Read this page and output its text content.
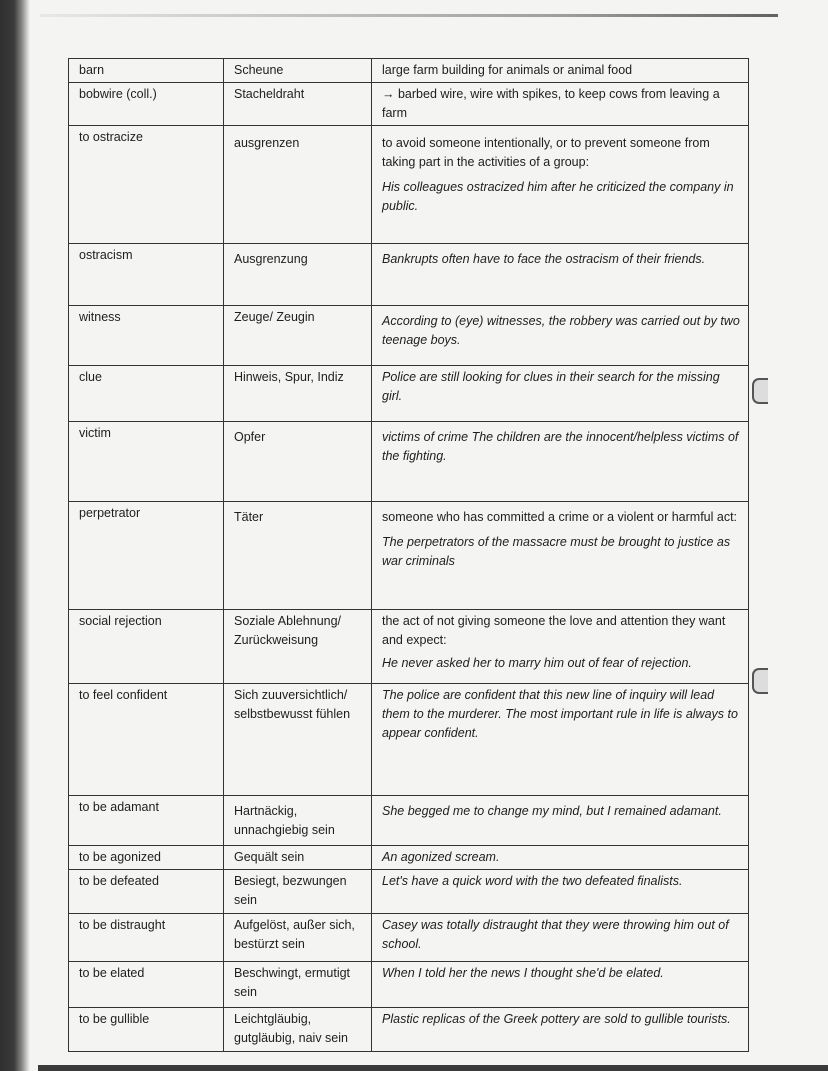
barn	Scheune	large farm building for animals or animal food
bobwire (coll.)	Stacheldraht	→ barbed wire, wire with spikes, to keep cows from leaving a farm
to ostracize	ausgrenzen	to avoid someone intentionally, or to prevent someone from taking part in the activities of a group:
His colleagues ostracized him after he criticized the company in public.
ostracism	Ausgrenzung	Bankrupts often have to face the ostracism of their friends.
witness	Zeuge/ Zeugin	According to (eye) witnesses, the robbery was carried out by two teenage boys.
clue	Hinweis, Spur, Indiz	Police are still looking for clues in their search for the missing girl.
victim	Opfer	victims of crime The children are the innocent/helpless victims of the fighting.
perpetrator	Täter	someone who has committed a crime or a violent or harmful act:
The perpetrators of the massacre must be brought to justice as war criminals
social rejection	Soziale Ablehnung/ Zurückweisung	the act of not giving someone the love and attention they want and expect:
He never asked her to marry him out of fear of rejection.
to feel confident	Sich zuuversichtlich/ selbstbewusst fühlen	The police are confident that this new line of inquiry will lead them to the murderer. The most important rule in life is always to appear confident.
to be adamant	Hartnäckig, unnachgiebig sein	She begged me to change my mind, but I remained adamant.
to be agonized	Gequält sein	An agonized scream.
to be defeated	Besiegt, bezwungen sein	Let's have a quick word with the two defeated finalists.
to be distraught	Aufgelöst, außer sich, bestürzt sein	Casey was totally distraught that they were throwing him out of school.
to be elated	Beschwingt, ermutigt sein	When I told her the news I thought she'd be elated.
to be gullible	Leichtgläubig, gutgläubig, naiv sein	Plastic replicas of the Greek pottery are sold to gullible tourists.
